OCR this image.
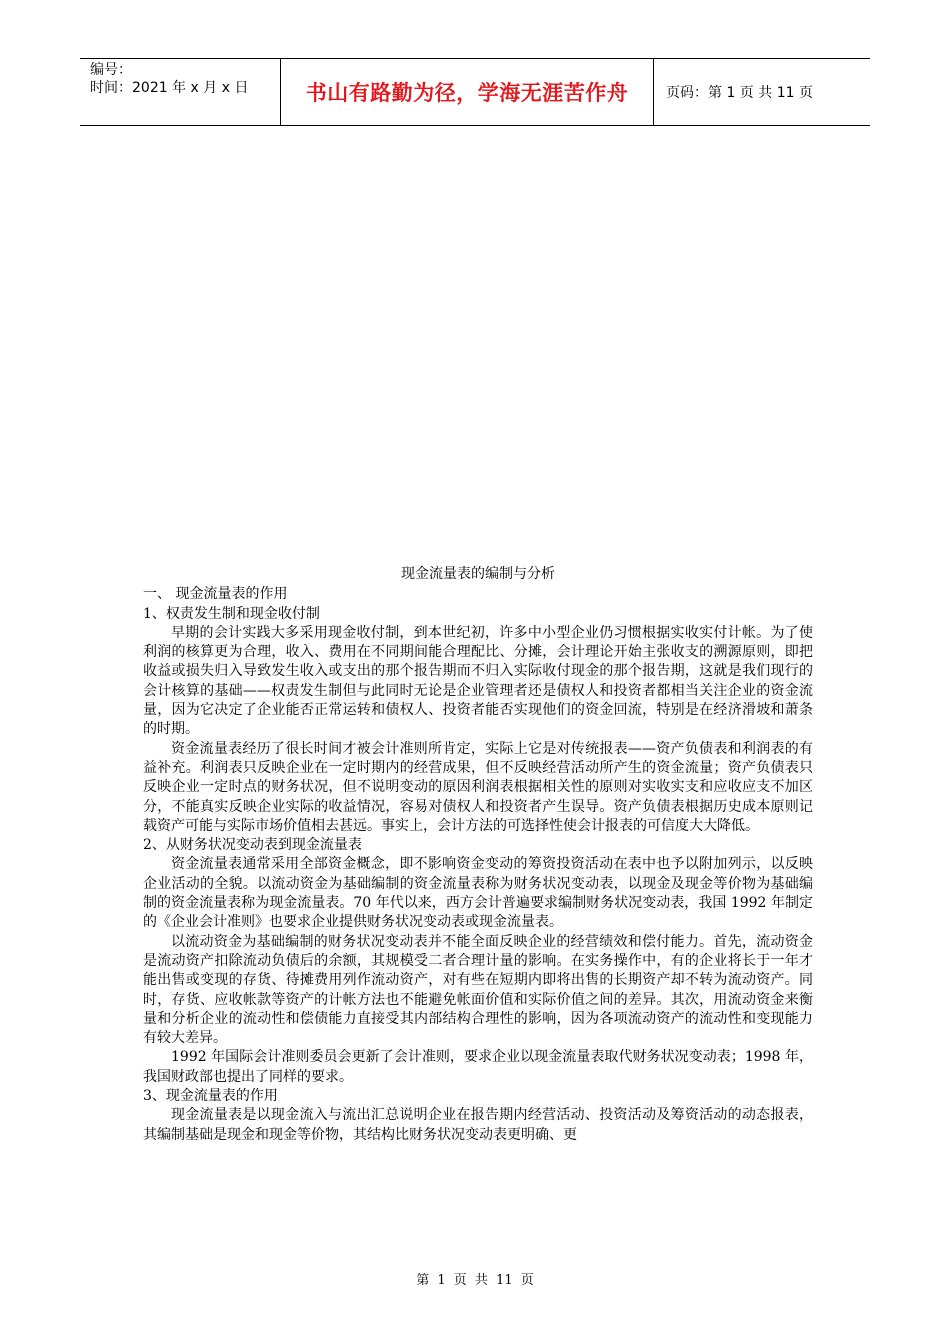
编号：
时间：2021 年 x 月 x 日	书山有路勤为径，学海无涯苦作舟	页码：第 1 页 共 11 页
现金流量表的编制与分析

一、 现金流量表的作用

1、权责发生制和现金收付制

早期的会计实践大多采用现金收付制，到本世纪初，许多中小型企业仍习惯根据实收实付计帐。为了使利润的核算更为合理，收入、费用在不同期间能合理配比、分摊，会计理论开始主张收支的溯源原则，即把收益或损失归入导致发生收入或支出的那个报告期而不归入实际收付现金的那个报告期，这就是我们现行的会计核算的基础——权责发生制但与此同时无论是企业管理者还是债权人和投资者都相当关注企业的资金流量，因为它决定了企业能否正常运转和债权人、投资者能否实现他们的资金回流，特别是在经济滑坡和萧条的时期。

资金流量表经历了很长时间才被会计准则所肯定，实际上它是对传统报表——资产负债表和利润表的有益补充。利润表只反映企业在一定时期内的经营成果，但不反映经营活动所产生的资金流量；资产负债表只反映企业一定时点的财务状况，但不说明变动的原因利润表根据相关性的原则对实收实支和应收应支不加区分，不能真实反映企业实际的收益情况，容易对债权人和投资者产生误导。资产负债表根据历史成本原则记载资产可能与实际市场价值相去甚远。事实上，会计方法的可选择性使会计报表的可信度大大降低。

2、从财务状况变动表到现金流量表

资金流量表通常采用全部资金概念，即不影响资金变动的筹资投资活动在表中也予以附加列示，以反映企业活动的全貌。以流动资金为基础编制的资金流量表称为财务状况变动表，以现金及现金等价物为基础编制的资金流量表称为现金流量表。70 年代以来，西方会计普遍要求编制财务状况变动表，我国 1992 年制定的《企业会计准则》也要求企业提供财务状况变动表或现金流量表。

以流动资金为基础编制的财务状况变动表并不能全面反映企业的经营绩效和偿付能力。首先，流动资金是流动资产扣除流动负债后的余额，其规模受二者合理计量的影响。在实务操作中，有的企业将长于一年才能出售或变现的存货、待摊费用列作流动资产，对有些在短期内即将出售的长期资产却不转为流动资产。同时，存货、应收帐款等资产的计帐方法也不能避免帐面价值和实际价值之间的差异。其次，用流动资金来衡量和分析企业的流动性和偿债能力直接受其内部结构合理性的影响，因为各项流动资产的流动性和变现能力有较大差异。

1992 年国际会计准则委员会更新了会计准则，要求企业以现金流量表取代财务状况变动表；1998 年，我国财政部也提出了同样的要求。

3、现金流量表的作用

现金流量表是以现金流入与流出汇总说明企业在报告期内经营活动、投资活动及筹资活动的动态报表，其编制基础是现金和现金等价物，其结构比财务状况变动表更明确、更

第 1 页 共 11 页
